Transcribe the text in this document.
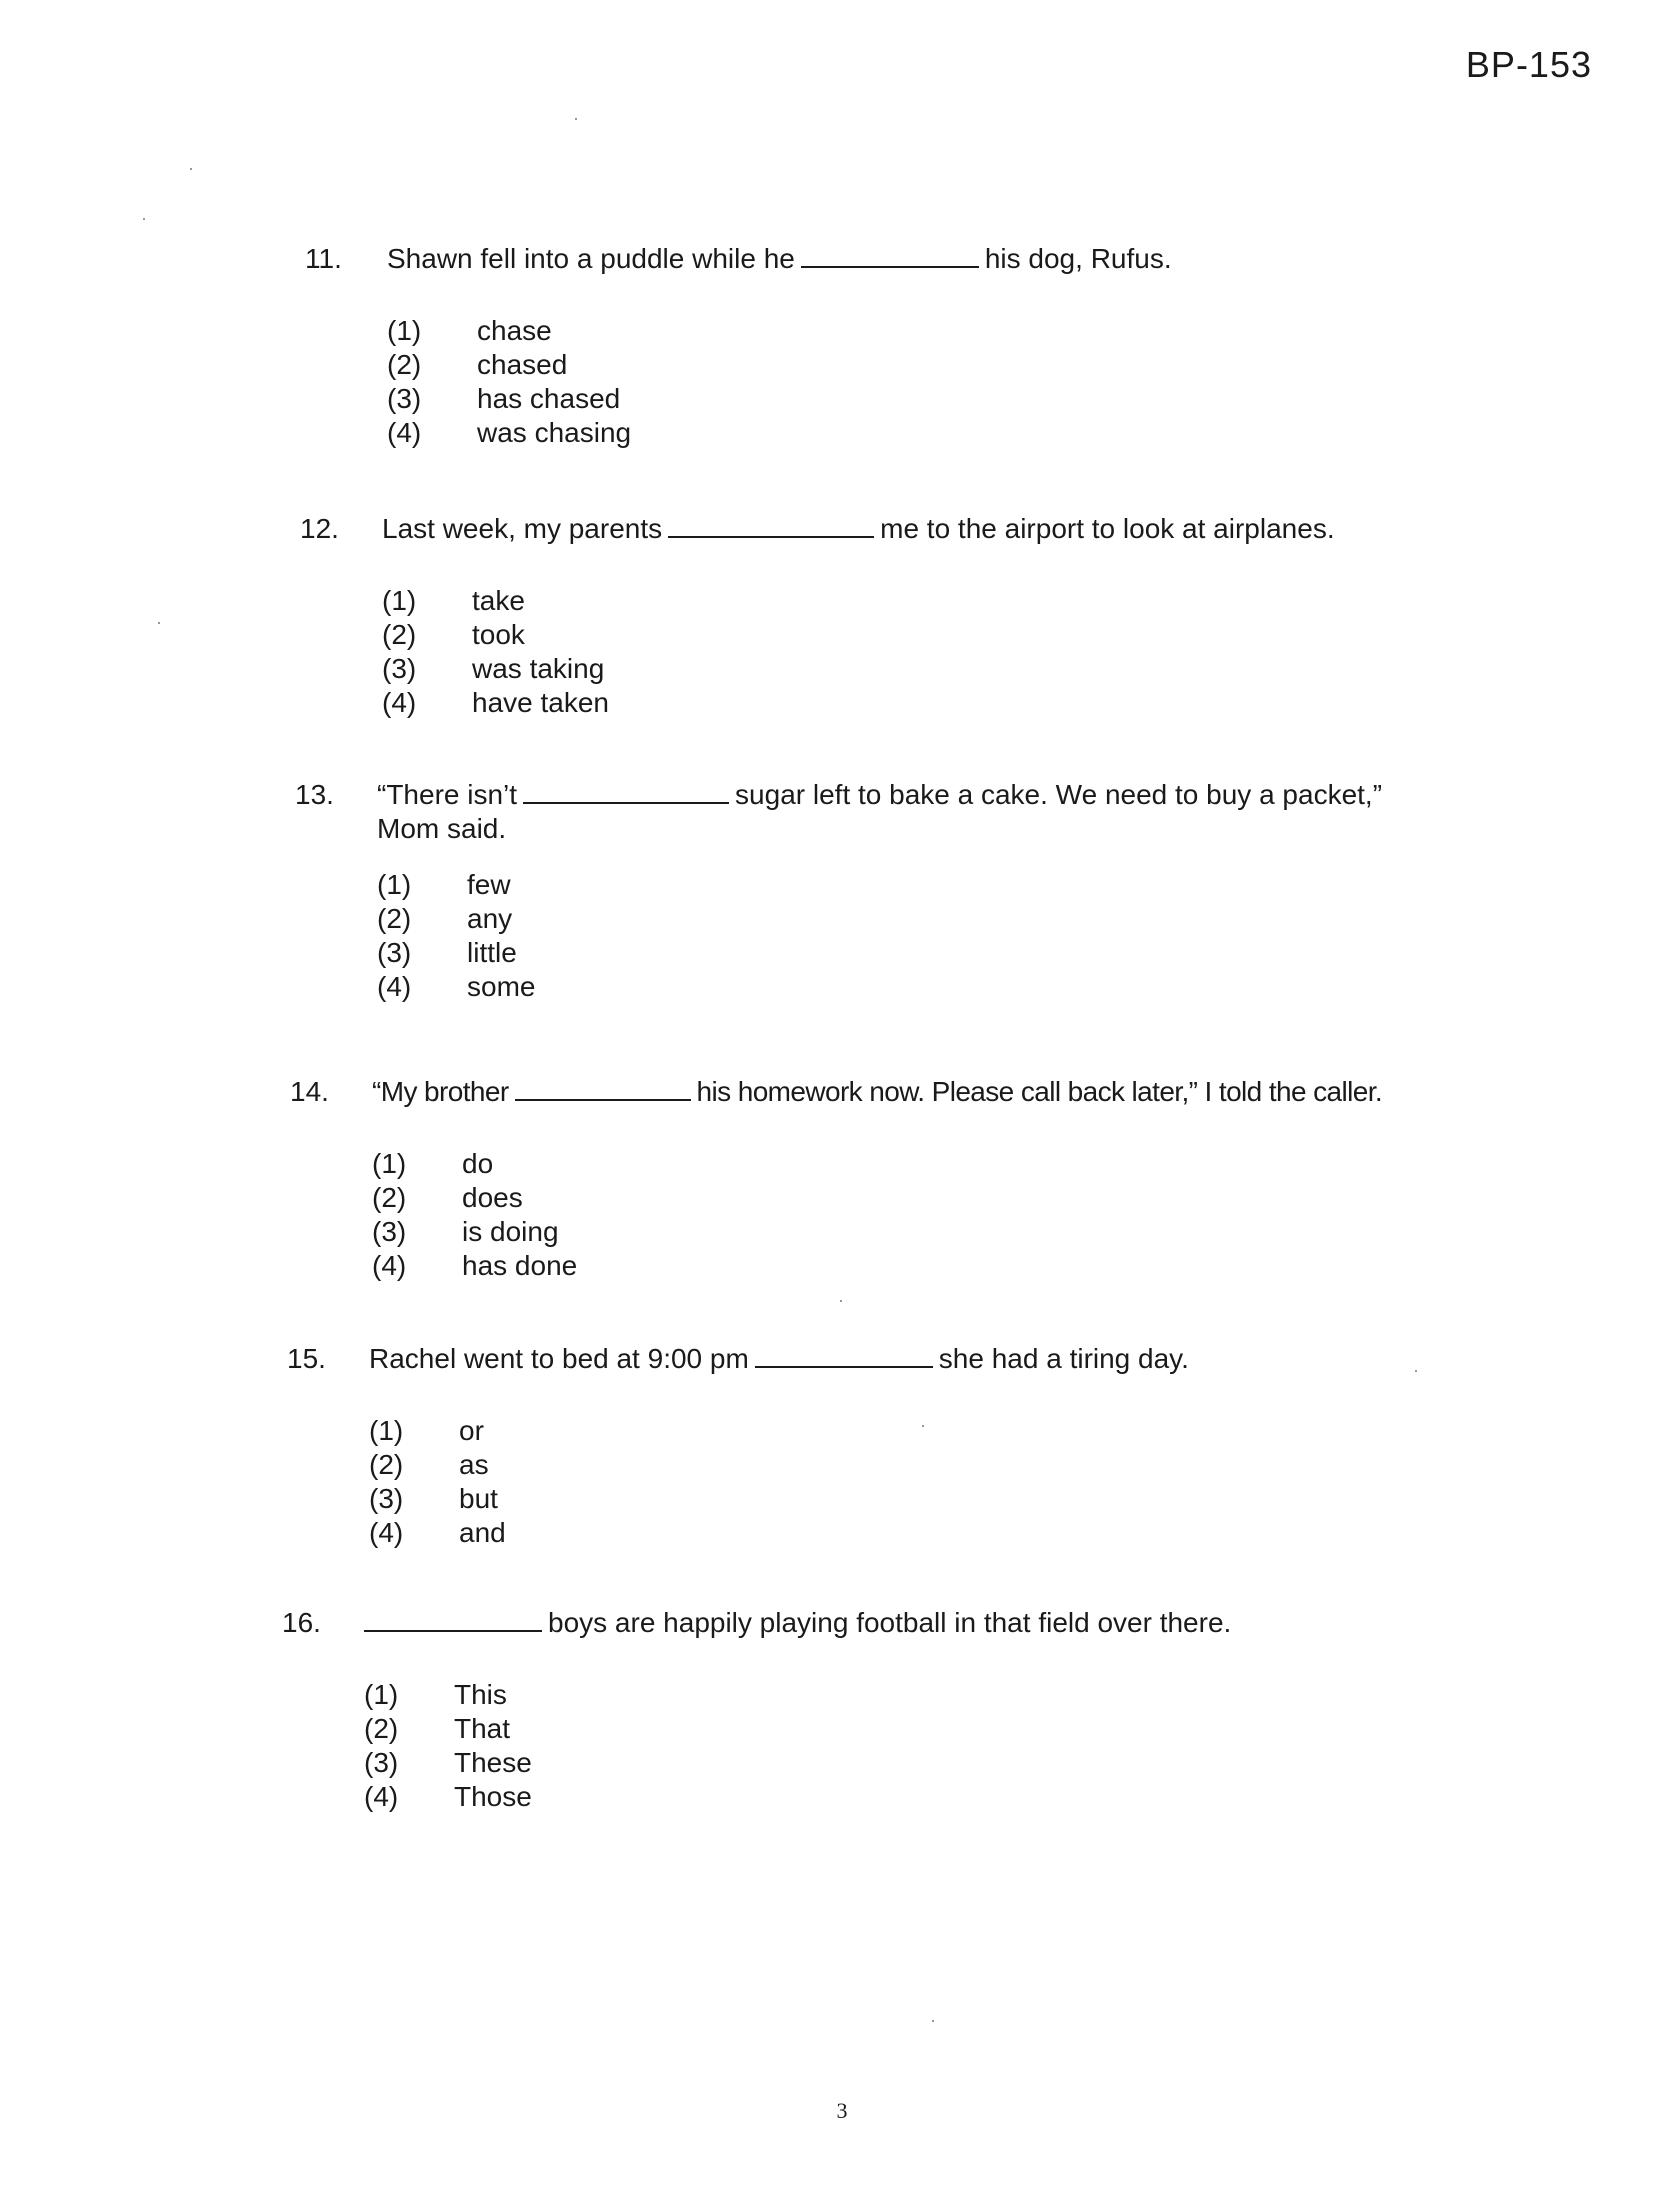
BP-153
11.	Shawn fell into a puddle while he	his dog, Rufus.
(1) chase
(2) chased
(3) has chased
(4) was chasing
12.	Last week, my parents	me to the airport to look at airplanes.
(1) take
(2) took
(3) was taking
(4) have taken
13.	“There isn’t	sugar left to bake a cake. We need to buy a packet,”
Mom said.
(1) few
(2) any
(3) little
(4) some
14.	“My brother	his homework now. Please call back later,” I told the caller.
(1) do
(2) does
(3) is doing
(4) has done
15.	Rachel went to bed at 9:00 pm	she had a tiring day.
(1) or
(2) as
(3) but
(4) and
16.	boys are happily playing football in that field over there.
(1) This
(2) That
(3) These
(4) Those
3
